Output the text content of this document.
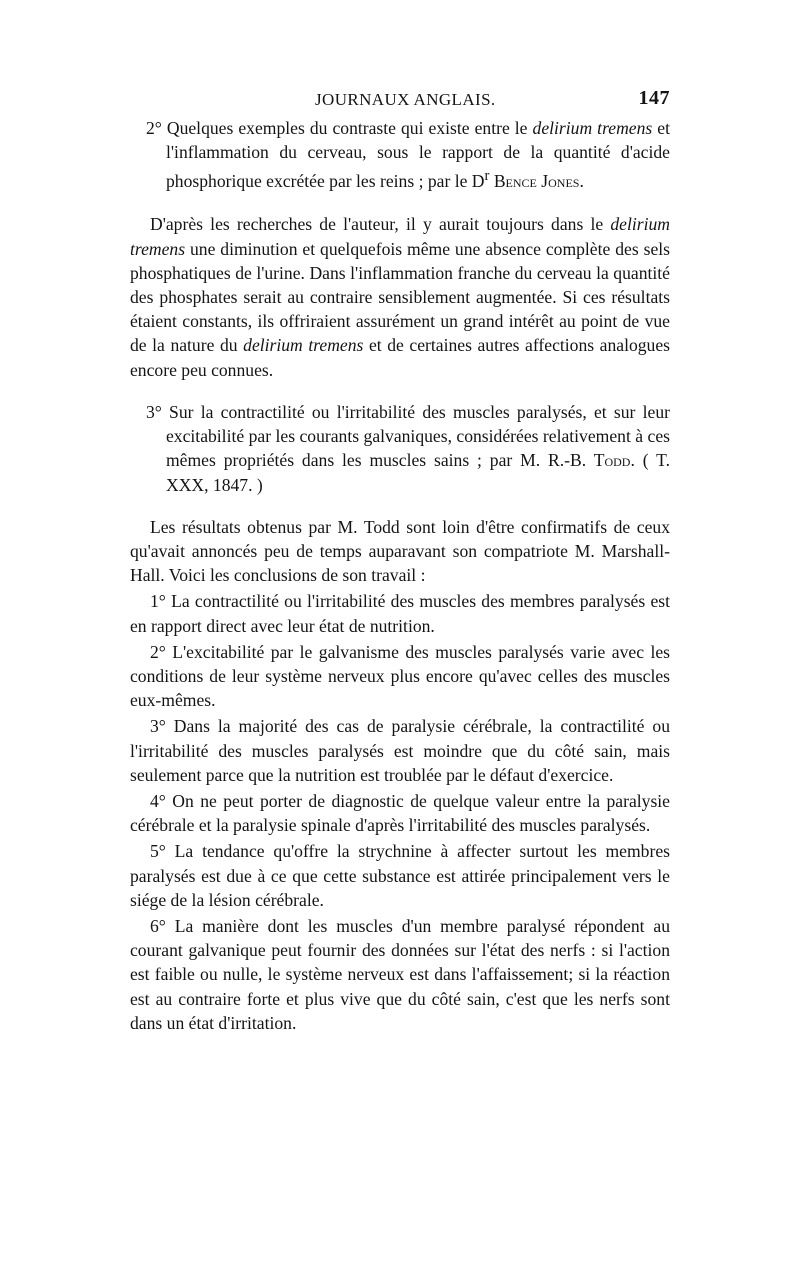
JOURNAUX ANGLAIS.	147

2° Quelques exemples du contraste qui existe entre le delirium tremens et l'inflammation du cerveau, sous le rapport de la quantité d'acide phosphorique excrétée par les reins ; par le $D^r$ Bence Jones.

D'après les recherches de l'auteur, il y aurait toujours dans le delirium tremens une diminution et quelquefois même une absence complète des sels phosphatiques de l'urine. Dans l'inflammation franche du cerveau la quantité des phosphates serait au contraire sensiblement augmentée. Si ces résultats étaient constants, ils offriraient assurément un grand intérêt au point de vue de la nature du delirium tremens et de certaines autres affections analogues encore peu connues.

3° Sur la contractilité ou l'irritabilité des muscles paralysés, et sur leur excitabilité par les courants galvaniques, considérées relativement à ces mêmes propriétés dans les muscles sains ; par M. R.-B. Todd. ( T. XXX, 1847. )

Les résultats obtenus par M. Todd sont loin d'être confirmatifs de ceux qu'avait annoncés peu de temps auparavant son compatriote M. Marshall-Hall. Voici les conclusions de son travail :

1° La contractilité ou l'irritabilité des muscles des membres paralysés est en rapport direct avec leur état de nutrition.

2° L'excitabilité par le galvanisme des muscles paralysés varie avec les conditions de leur système nerveux plus encore qu'avec celles des muscles eux-mêmes.

3° Dans la majorité des cas de paralysie cérébrale, la contractilité ou l'irritabilité des muscles paralysés est moindre que du côté sain, mais seulement parce que la nutrition est troublée par le défaut d'exercice.

4° On ne peut porter de diagnostic de quelque valeur entre la paralysie cérébrale et la paralysie spinale d'après l'irritabilité des muscles paralysés.

5° La tendance qu'offre la strychnine à affecter surtout les membres paralysés est due à ce que cette substance est attirée principalement vers le siége de la lésion cérébrale.

6° La manière dont les muscles d'un membre paralysé répondent au courant galvanique peut fournir des données sur l'état des nerfs : si l'action est faible ou nulle, le système nerveux est dans l'affaissement; si la réaction est au contraire forte et plus vive que du côté sain, c'est que les nerfs sont dans un état d'irritation.
